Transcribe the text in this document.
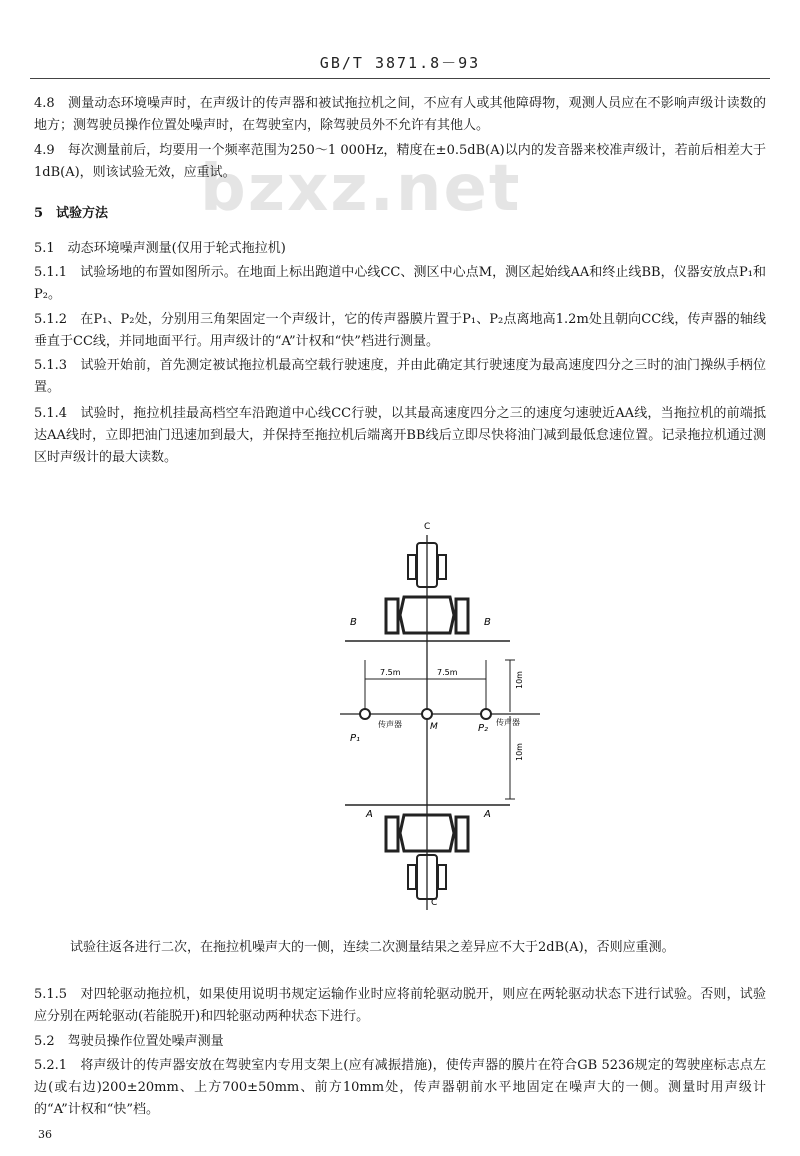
GB/T 3871.8－93
bzxz.net
4.8　测量动态环境噪声时，在声级计的传声器和被试拖拉机之间，不应有人或其他障碍物，观测人员应在不影响声级计读数的地方；测驾驶员操作位置处噪声时，在驾驶室内，除驾驶员外不允许有其他人。
4.9　每次测量前后，均要用一个频率范围为250～1 000Hz，精度在±0.5dB(A)以内的发音器来校准声级计，若前后相差大于1dB(A)，则该试验无效，应重试。
5　试验方法
5.1　动态环境噪声测量(仅用于轮式拖拉机)
5.1.1　试验场地的布置如图所示。在地面上标出跑道中心线CC、测区中心点M，测区起始线AA和终止线BB，仪器安放点P₁和P₂。
5.1.2　在P₁、P₂处，分别用三角架固定一个声级计，它的传声器膜片置于P₁、P₂点离地高1.2m处且朝向CC线，传声器的轴线垂直于CC线，并同地面平行。用声级计的“A”计权和“快”档进行测量。
5.1.3　试验开始前，首先测定被试拖拉机最高空载行驶速度，并由此确定其行驶速度为最高速度四分之三时的油门操纵手柄位置。
5.1.4　试验时，拖拉机挂最高档空车沿跑道中心线CC行驶，以其最高速度四分之三的速度匀速驶近AA线，当拖拉机的前端抵达AA线时，立即把油门迅速加到最大，并保持至拖拉机后端离开BB线后立即尽快将油门减到最低怠速位置。记录拖拉机通过测区时声级计的最大读数。
C
C
B	B
7.5m	7.5m	10m
P₁
传声器	M	P₂
传声器
10m
A	A
试验往返各进行二次，在拖拉机噪声大的一侧，连续二次测量结果之差异应不大于2dB(A)，否则应重测。
5.1.5　对四轮驱动拖拉机，如果使用说明书规定运输作业时应将前轮驱动脱开，则应在两轮驱动状态下进行试验。否则，试验应分别在两轮驱动(若能脱开)和四轮驱动两种状态下进行。
5.2　驾驶员操作位置处噪声测量
5.2.1　将声级计的传声器安放在驾驶室内专用支架上(应有减振措施)，使传声器的膜片在符合GB 5236规定的驾驶座标志点左边(或右边)200±20mm、上方700±50mm、前方10mm处，传声器朝前水平地固定在噪声大的一侧。测量时用声级计的“A”计权和“快”档。
36
